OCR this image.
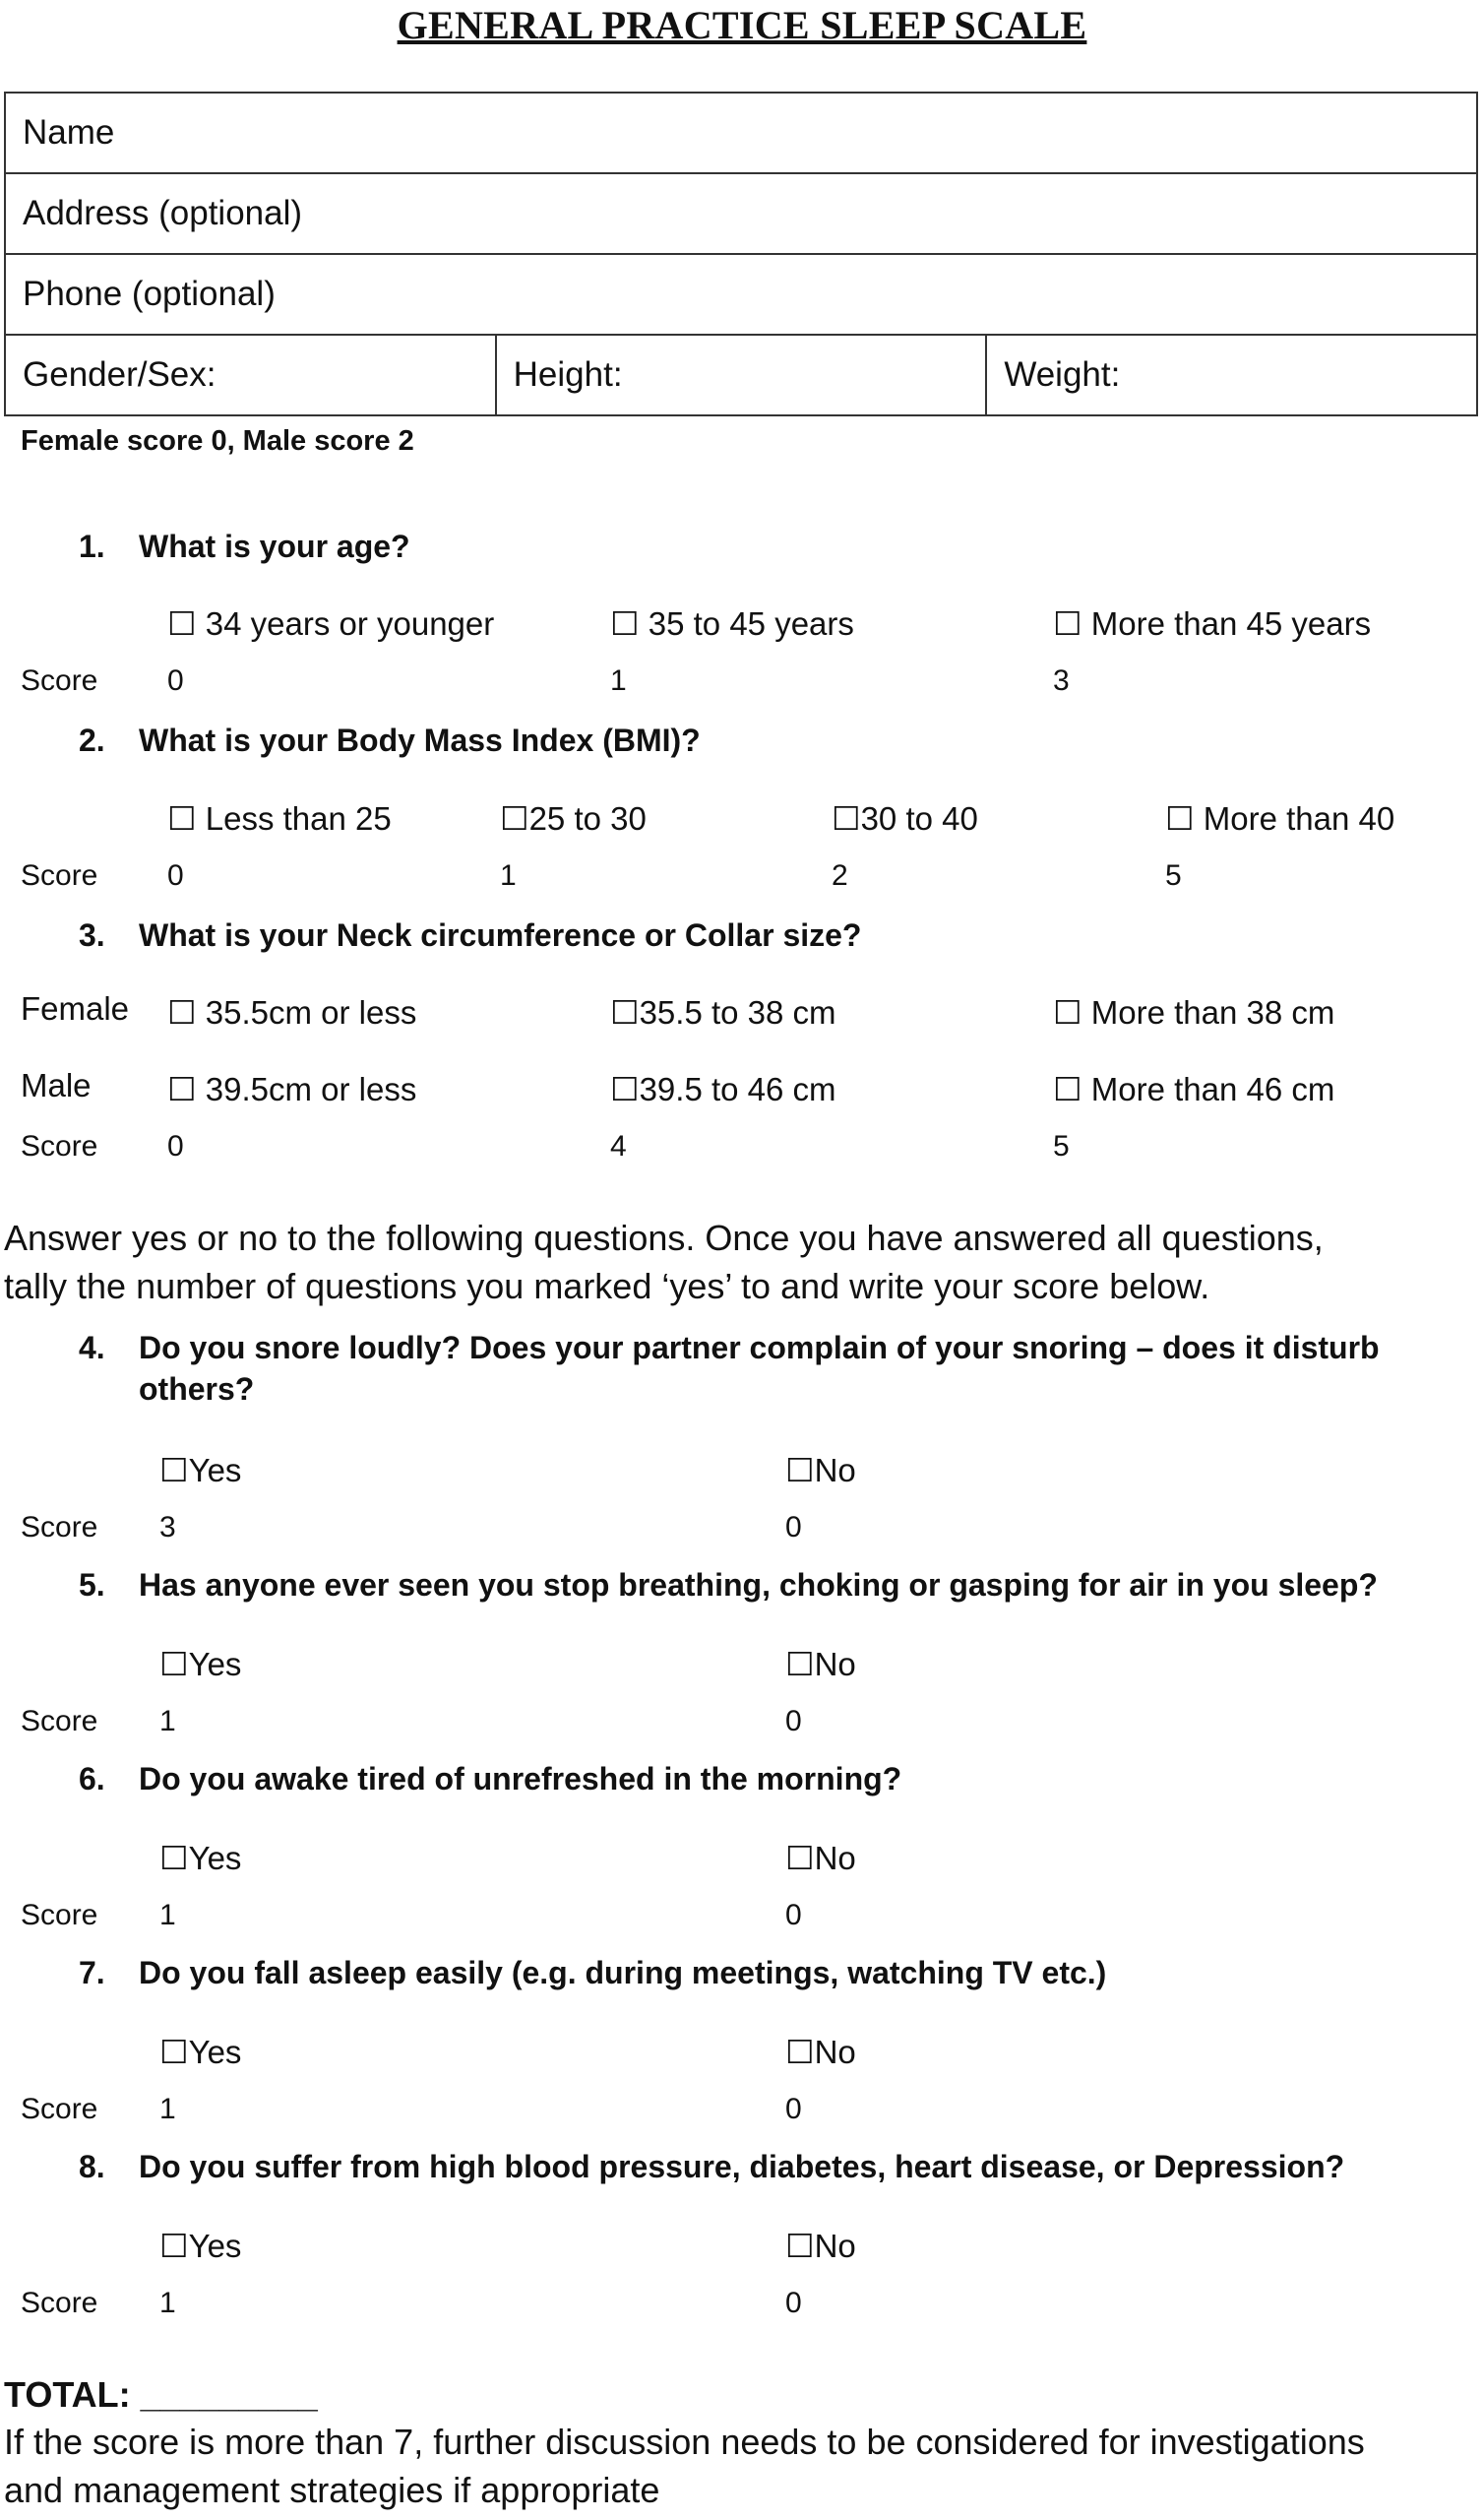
GENERAL PRACTICE SLEEP SCALE
Name
Address (optional)
Phone (optional)
Gender/Sex:	Height:	Weight:
Female score 0, Male score 2
1. What is your age?
☐ 34 years or younger	☐ 35 to 45 years	☐ More than 45 years
Score 0	1	3
2. What is your Body Mass Index (BMI)?
☐ Less than 25	☐25 to 30	☐30 to 40	☐ More than 40
Score 0	1	2	5
3. What is your Neck circumference or Collar size?
Female ☐ 35.5cm or less	☐35.5 to 38 cm	☐ More than 38 cm
Male ☐ 39.5cm or less	☐39.5 to 46 cm	☐ More than 46 cm
Score 0	4	5
Answer yes or no to the following questions. Once you have answered all questions,
tally the number of questions you marked ‘yes’ to and write your score below.
4. Do you snore loudly? Does your partner complain of your snoring – does it disturb
others?
☐Yes	☐No
Score 3	0
5. Has anyone ever seen you stop breathing, choking or gasping for air in you sleep?
☐Yes	☐No
Score 1	0
6. Do you awake tired of unrefreshed in the morning?
☐Yes	☐No
Score 1	0
7. Do you fall asleep easily (e.g. during meetings, watching TV etc.)
☐Yes	☐No
Score 1	0
8. Do you suffer from high blood pressure, diabetes, heart disease, or Depression?
☐Yes	☐No
Score 1	0
TOTAL: _________
If the score is more than 7, further discussion needs to be considered for investigations
and management strategies if appropriate
